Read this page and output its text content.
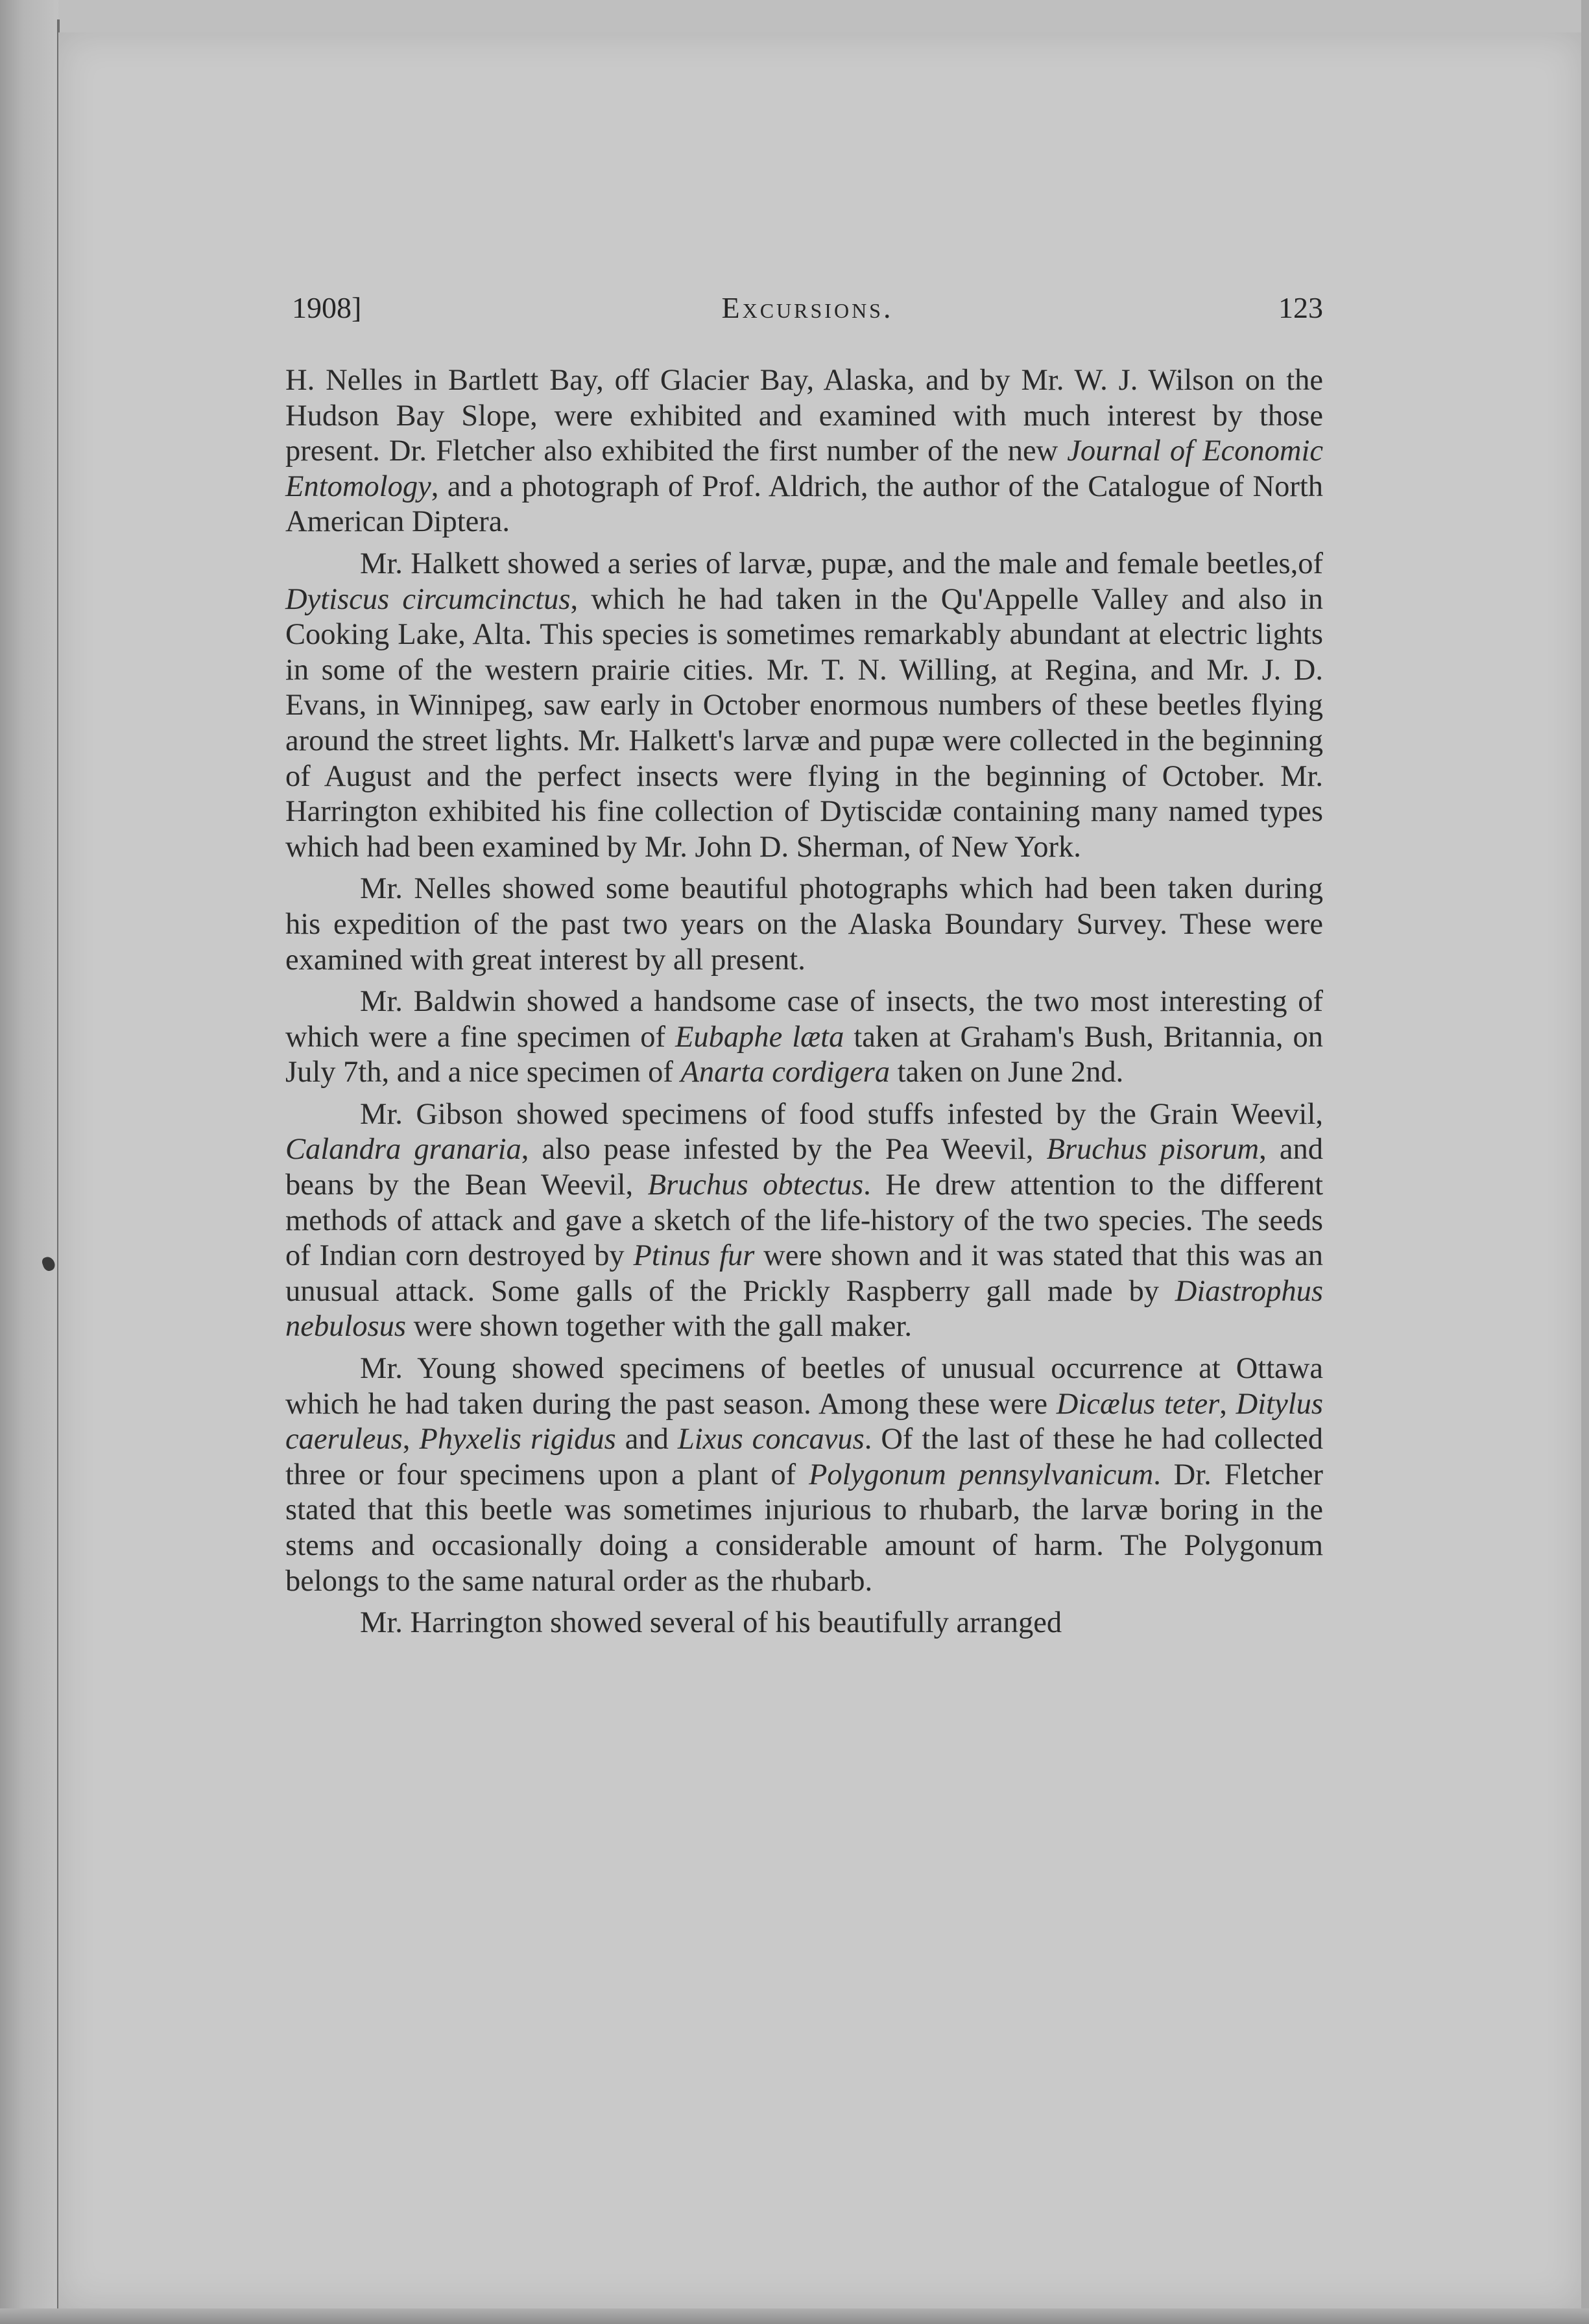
1908]	Excursions.	123

H. Nelles in Bartlett Bay, off Glacier Bay, Alaska, and by Mr. W. J. Wilson on the Hudson Bay Slope, were exhibited and examined with much interest by those present. Dr. Fletcher also exhibited the first number of the new Journal of Economic Entomology, and a photograph of Prof. Aldrich, the author of the Catalogue of North American Diptera.

Mr. Halkett showed a series of larvæ, pupæ, and the male and female beetles,of Dytiscus circumcinctus, which he had taken in the Qu'Appelle Valley and also in Cooking Lake, Alta. This species is sometimes remarkably abundant at electric lights in some of the western prairie cities. Mr. T. N. Willing, at Regina, and Mr. J. D. Evans, in Winnipeg, saw early in October enormous numbers of these beetles flying around the street lights. Mr. Halkett's larvæ and pupæ were collected in the beginning of August and the perfect insects were flying in the beginning of October. Mr. Harrington exhibited his fine collection of Dytiscidæ containing many named types which had been examined by Mr. John D. Sherman, of New York.

Mr. Nelles showed some beautiful photographs which had been taken during his expedition of the past two years on the Alaska Boundary Survey. These were examined with great interest by all present.

Mr. Baldwin showed a handsome case of insects, the two most interesting of which were a fine specimen of Eubaphe læta taken at Graham's Bush, Britannia, on July 7th, and a nice specimen of Anarta cordigera taken on June 2nd.

Mr. Gibson showed specimens of food stuffs infested by the Grain Weevil, Calandra granaria, also pease infested by the Pea Weevil, Bruchus pisorum, and beans by the Bean Weevil, Bruchus obtectus. He drew attention to the different methods of attack and gave a sketch of the life-history of the two species. The seeds of Indian corn destroyed by Ptinus fur were shown and it was stated that this was an unusual attack. Some galls of the Prickly Raspberry gall made by Diastrophus nebulosus were shown together with the gall maker.

Mr. Young showed specimens of beetles of unusual occurrence at Ottawa which he had taken during the past season. Among these were Dicælus teter, Ditylus caeruleus, Phyxelis rigidus and Lixus concavus. Of the last of these he had collected three or four specimens upon a plant of Polygonum pennsylvanicum. Dr. Fletcher stated that this beetle was sometimes injurious to rhubarb, the larvæ boring in the stems and occasionally doing a considerable amount of harm. The Polygonum belongs to the same natural order as the rhubarb.

Mr. Harrington showed several of his beautifully arranged
